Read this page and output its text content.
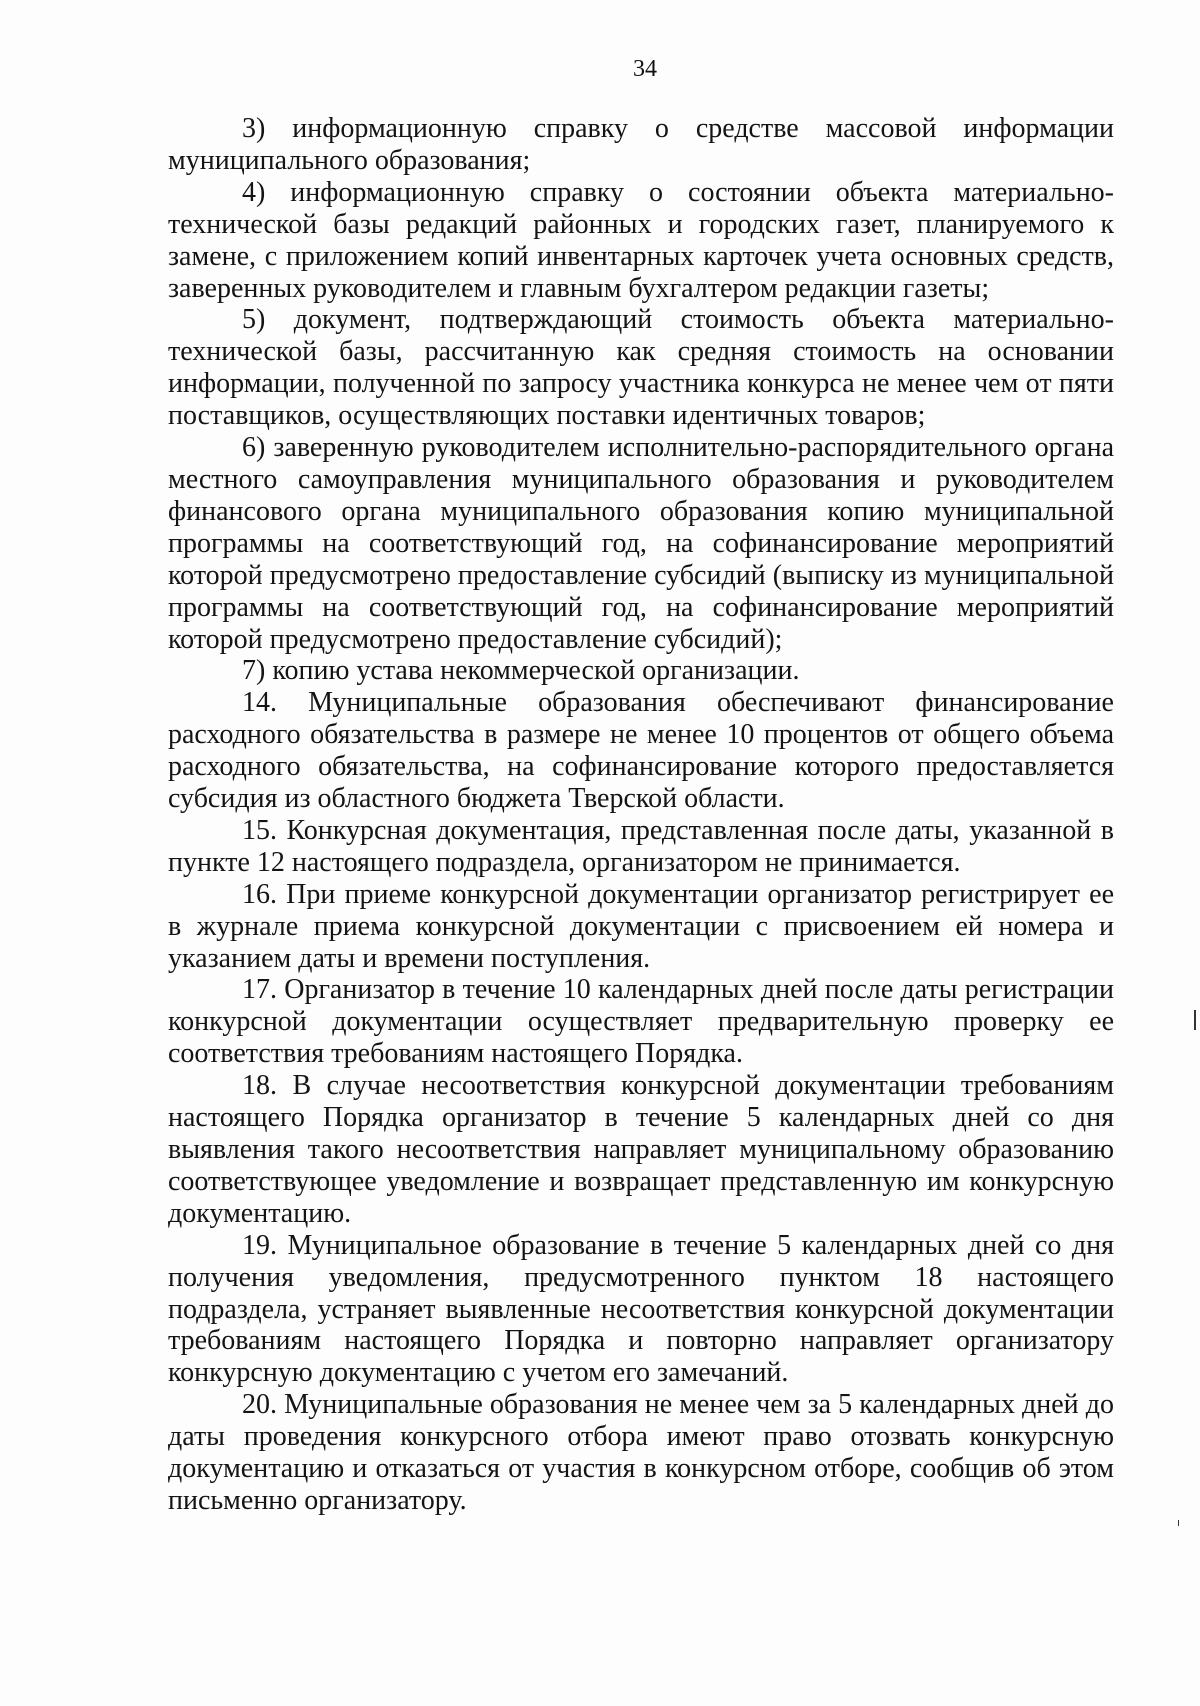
34

3) информационную справку о средстве массовой информации муниципального образования;

4) информационную справку о состоянии объекта материально-технической базы редакций районных и городских газет, планируемого к замене, с приложением копий инвентарных карточек учета основных средств, заверенных руководителем и главным бухгалтером редакции газеты;

5) документ, подтверждающий стоимость объекта материально-технической базы, рассчитанную как средняя стоимость на основании информации, полученной по запросу участника конкурса не менее чем от пяти поставщиков, осуществляющих поставки идентичных товаров;

6) заверенную руководителем исполнительно-распорядительного органа местного самоуправления муниципального образования и руководителем финансового органа муниципального образования копию муниципальной программы на соответствующий год, на софинансирование мероприятий которой предусмотрено предоставление субсидий (выписку из муниципальной программы на соответствующий год, на софинансирование мероприятий которой предусмотрено предоставление субсидий);

7) копию устава некоммерческой организации.

14. Муниципальные образования обеспечивают финансирование расходного обязательства в размере не менее 10 процентов от общего объема расходного обязательства, на софинансирование которого предоставляется субсидия из областного бюджета Тверской области.

15. Конкурсная документация, представленная после даты, указанной в пункте 12 настоящего подраздела, организатором не принимается.

16. При приеме конкурсной документации организатор регистрирует ее в журнале приема конкурсной документации с присвоением ей номера и указанием даты и времени поступления.

17. Организатор в течение 10 календарных дней после даты регистрации конкурсной документации осуществляет предварительную проверку ее соответствия требованиям настоящего Порядка.

18. В случае несоответствия конкурсной документации требованиям настоящего Порядка организатор в течение 5 календарных дней со дня выявления такого несоответствия направляет муниципальному образованию соответствующее уведомление и возвращает представленную им конкурсную документацию.

19. Муниципальное образование в течение 5 календарных дней со дня получения уведомления, предусмотренного пунктом 18 настоящего подраздела, устраняет выявленные несоответствия конкурсной документации требованиям настоящего Порядка и повторно направляет организатору конкурсную документацию с учетом его замечаний.

20. Муниципальные образования не менее чем за 5 календарных дней до даты проведения конкурсного отбора имеют право отозвать конкурсную документацию и отказаться от участия в конкурсном отборе, сообщив об этом письменно организатору.
